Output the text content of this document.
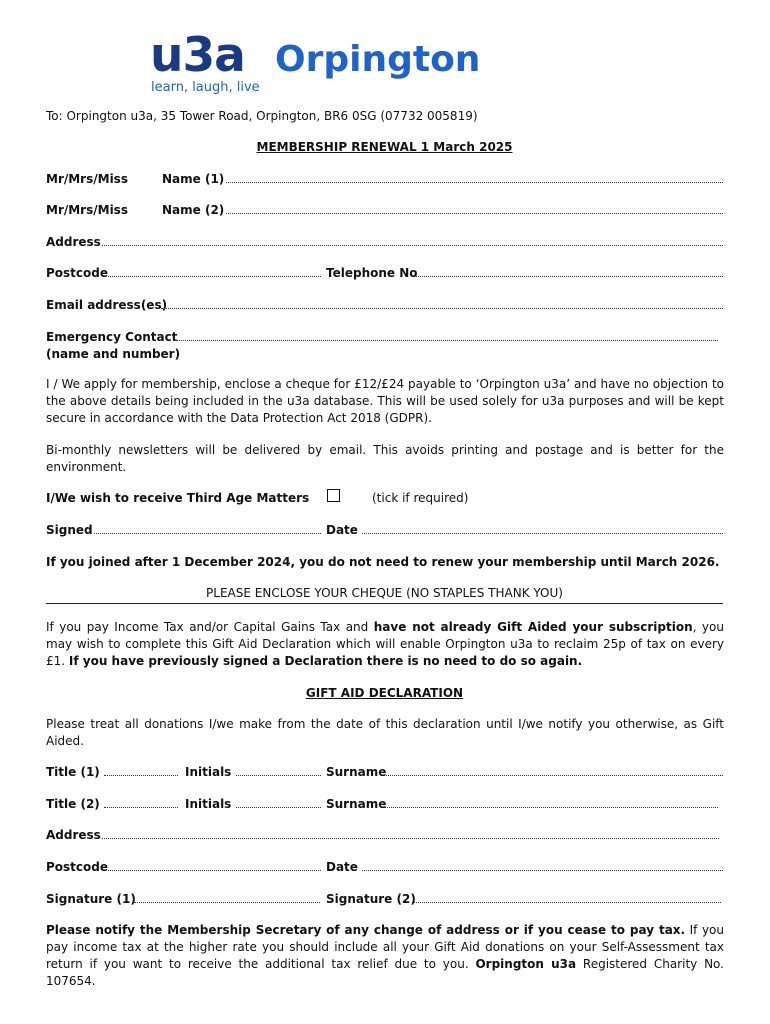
u3a Orpington
learn, laugh, live
To: Orpington u3a, 35 Tower Road, Orpington, BR6 0SG (07732 005819)
MEMBERSHIP RENEWAL 1 March 2025
Mr/Mrs/Miss	Name (1)
Mr/Mrs/Miss	Name (2)
Address
Postcode	Telephone No
Email address(es)
Emergency Contact
(name and number)
I / We apply for membership, enclose a cheque for £12/£24 payable to ‘Orpington u3a’ and have no objection to the above details being included in the u3a database. This will be used solely for u3a purposes and will be kept secure in accordance with the Data Protection Act 2018 (GDPR).
Bi-monthly newsletters will be delivered by email. This avoids printing and postage and is better for the environment.
I/We wish to receive Third Age Matters	(tick if required)
Signed	Date
If you joined after 1 December 2024, you do not need to renew your membership until March 2026.
PLEASE ENCLOSE YOUR CHEQUE (NO STAPLES THANK YOU)
If you pay Income Tax and/or Capital Gains Tax and have not already Gift Aided your subscription, you may wish to complete this Gift Aid Declaration which will enable Orpington u3a to reclaim 25p of tax on every £1. If you have previously signed a Declaration there is no need to do so again.
GIFT AID DECLARATION
Please treat all donations I/we make from the date of this declaration until I/we notify you otherwise, as Gift Aided.
Title (1)	Initials	Surname
Title (2)	Initials	Surname
Address
Postcode	Date
Signature (1)	Signature (2)
Please notify the Membership Secretary of any change of address or if you cease to pay tax. If you pay income tax at the higher rate you should include all your Gift Aid donations on your Self-Assessment tax return if you want to receive the additional tax relief due to you. Orpington u3a Registered Charity No. 107654.
